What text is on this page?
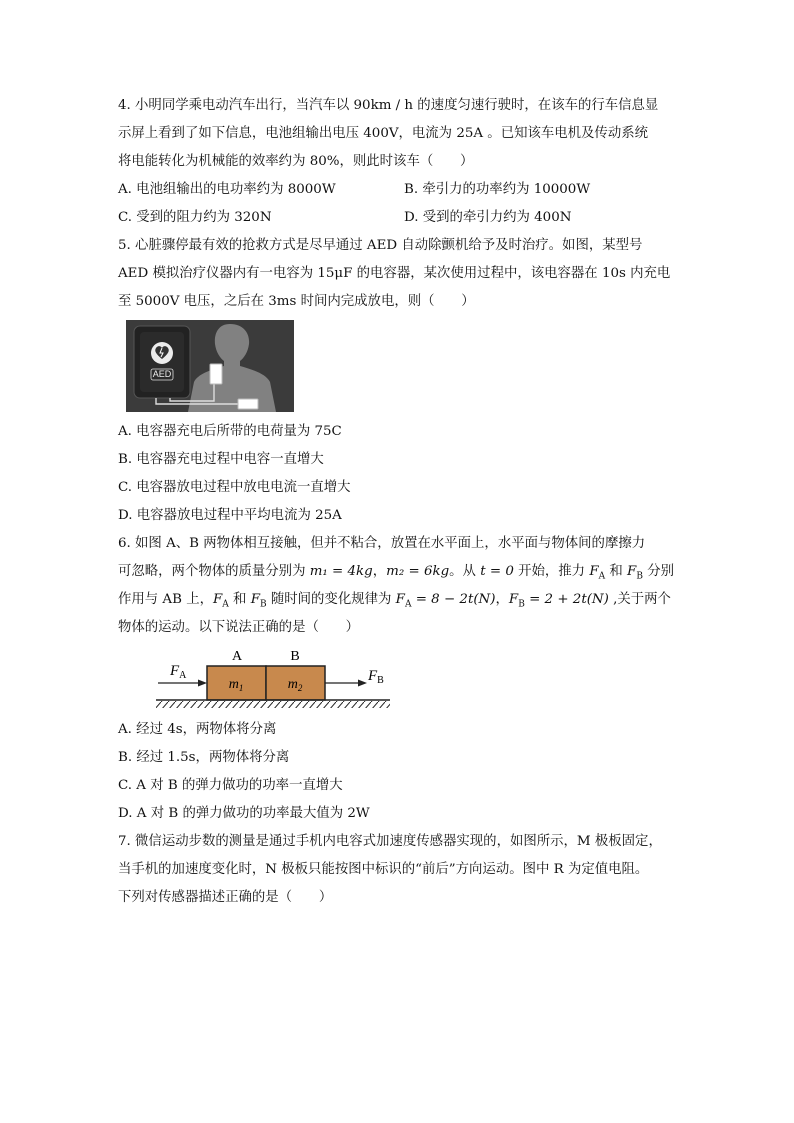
4. 小明同学乘电动汽车出行，当汽车以 90km / h 的速度匀速行驶时，在该车的行车信息显

示屏上看到了如下信息，电池组输出电压 400V，电流为 25A 。已知该车电机及传动系统

将电能转化为机械能的效率约为 80%，则此时该车（　　）

A. 电池组输出的电功率约为 8000W	B. 牵引力的功率约为 10000W
C. 受到的阻力约为 320N	D. 受到的牵引力约为 400N

5. 心脏骤停最有效的抢救方式是尽早通过 AED 自动除颤机给予及时治疗。如图，某型号

AED 模拟治疗仪器内有一电容为 15μF 的电容器，某次使用过程中，该电容器在 10s 内充电

至 5000V 电压，之后在 3ms 时间内完成放电，则（　　）

AED

A. 电容器充电后所带的电荷量为 75C

B. 电容器充电过程中电容一直增大

C. 电容器放电过程中放电电流一直增大

D. 电容器放电过程中平均电流为 25A

6. 如图 A、B 两物体相互接触，但并不粘合，放置在水平面上，水平面与物体间的摩擦力

可忽略，两个物体的质量分别为 m₁ = 4kg，m₂ = 6kg。从 t = 0 开始，推力 $F_A$ 和 $F_B$ 分别

作用与 AB 上，$F_A$ 和 $F_B$ 随时间的变化规律为 $F_A = 8 - 2t(N)$，$F_B = 2 + 2t(N)$ ,关于两个

物体的运动。以下说法正确的是（　　）

A	B
$m_1$	$m_2$
$F_A$	$F_B$

A. 经过 4s，两物体将分离

B. 经过 1.5s，两物体将分离

C. A 对 B 的弹力做功的功率一直增大

D. A 对 B 的弹力做功的功率最大值为 2W

7. 微信运动步数的测量是通过手机内电容式加速度传感器实现的，如图所示，M 极板固定，

当手机的加速度变化时，N 极板只能按图中标识的“前后”方向运动。图中 R 为定值电阻。

下列对传感器描述正确的是（　　）
